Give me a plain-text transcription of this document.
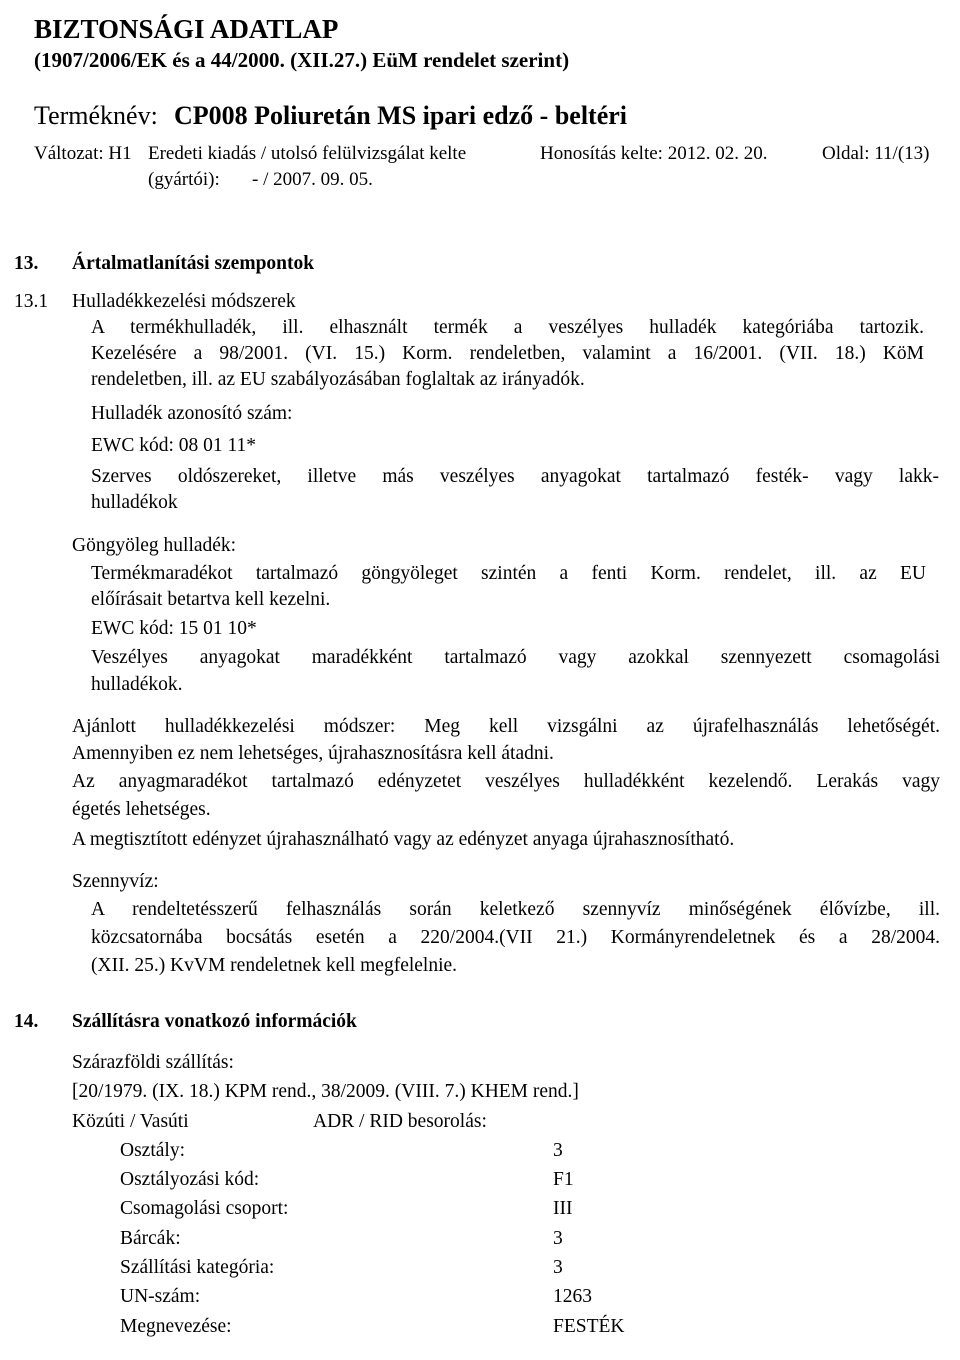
BIZTONSÁGI ADATLAP
(1907/2006/EK és a 44/2000. (XII.27.) EüM rendelet szerint)
Terméknév: CP008 Poliuretán MS ipari edző - beltéri
Változat: H1 Eredeti kiadás / utolsó felülvizsgálat kelte
(gyártói): - / 2007. 09. 05.
Honosítás kelte: 2012. 02. 20.	Oldal: 11/(13)
13. Ártalmatlanítási szempontok
13.1 Hulladékkezelési módszerek
A termékhulladék, ill. elhasznált termék a veszélyes hulladék kategóriába tartozik.
Kezelésére a 98/2001. (VI. 15.) Korm. rendeletben, valamint a 16/2001. (VII. 18.) KöM
rendeletben, ill. az EU szabályozásában foglaltak az irányadók.
Hulladék azonosító szám:
EWC kód: 08 01 11*
Szerves oldószereket, illetve más veszélyes anyagokat tartalmazó festék- vagy lakk-
hulladékok
Göngyöleg hulladék:
Termékmaradékot tartalmazó göngyöleget szintén a fenti Korm. rendelet, ill. az EU
előírásait betartva kell kezelni.
EWC kód: 15 01 10*
Veszélyes anyagokat maradékként tartalmazó vagy azokkal szennyezett csomagolási
hulladékok.
Ajánlott hulladékkezelési módszer: Meg kell vizsgálni az újrafelhasználás lehetőségét.
Amennyiben ez nem lehetséges, újrahasznosításra kell átadni.
Az anyagmaradékot tartalmazó edényzetet veszélyes hulladékként kezelendő. Lerakás vagy
égetés lehetséges.
A megtisztított edényzet újrahasználható vagy az edényzet anyaga újrahasznosítható.
Szennyvíz:
A rendeltetésszerű felhasználás során keletkező szennyvíz minőségének élővízbe, ill.
közcsatornába bocsátás esetén a 220/2004.(VII 21.) Kormányrendeletnek és a 28/2004.
(XII. 25.) KvVM rendeletnek kell megfelelnie.
14. Szállításra vonatkozó információk
Szárazföldi szállítás:
[20/1979. (IX. 18.) KPM rend., 38/2009. (VIII. 7.) KHEM rend.]
Közúti / Vasúti	ADR / RID besorolás:
Osztály:	3
Osztályozási kód:	F1
Csomagolási csoport:	III
Bárcák:	3
Szállítási kategória:	3
UN-szám:	1263
Megnevezése:	FESTÉK
